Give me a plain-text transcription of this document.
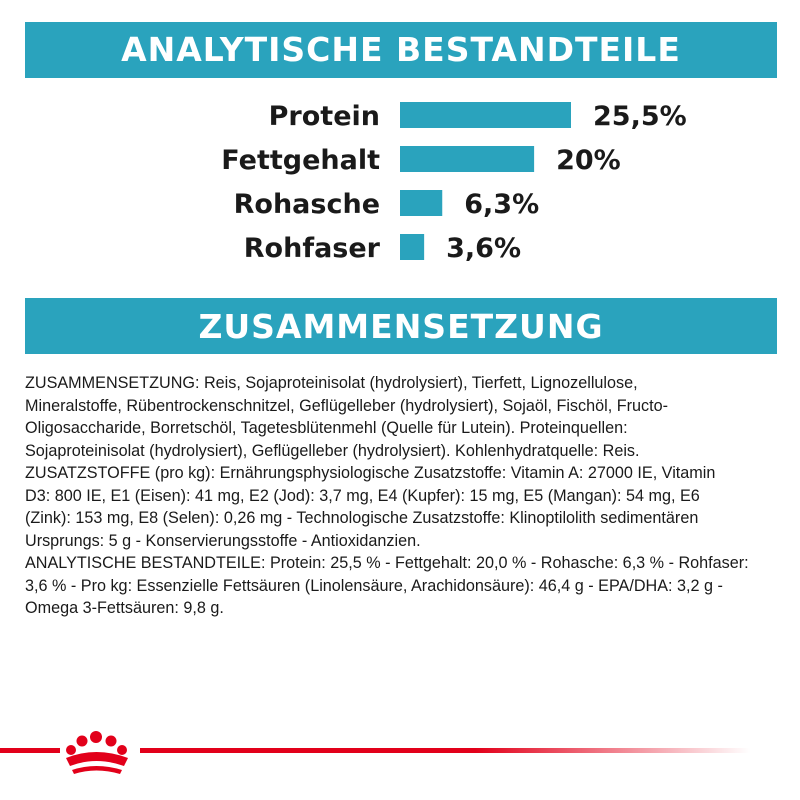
ANALYTISCHE BESTANDTEILE
Protein	25,5%
Fettgehalt	20%
Rohasche	6,3%
Rohfaser 3,6%
ZUSAMMENSETZUNG

ZUSAMMENSETZUNG: Reis, Sojaproteinisolat (hydrolysiert), Tierfett, Lignozellulose,
Mineralstoffe, Rübentrockenschnitzel, Geflügelleber (hydrolysiert), Sojaöl, Fischöl, Fructo-
Oligosaccharide, Borretschöl, Tagetesblütenmehl (Quelle für Lutein). Proteinquellen:
Sojaproteinisolat (hydrolysiert), Geflügelleber (hydrolysiert). Kohlenhydratquelle: Reis.
ZUSATZSTOFFE (pro kg): Ernährungsphysiologische Zusatzstoffe: Vitamin A: 27000 IE, Vitamin
D3: 800 IE, E1 (Eisen): 41 mg, E2 (Jod): 3,7 mg, E4 (Kupfer): 15 mg, E5 (Mangan): 54 mg, E6
(Zink): 153 mg, E8 (Selen): 0,26 mg - Technologische Zusatzstoffe: Klinoptilolith sedimentären
Ursprungs: 5 g - Konservierungsstoffe - Antioxidanzien.
ANALYTISCHE BESTANDTEILE: Protein: 25,5 % - Fettgehalt: 20,0 % - Rohasche: 6,3 % - Rohfaser:
3,6 % - Pro kg: Essenzielle Fettsäuren (Linolensäure, Arachidonsäure): 46,4 g - EPA/DHA: 3,2 g -
Omega 3-Fettsäuren: 9,8 g.
